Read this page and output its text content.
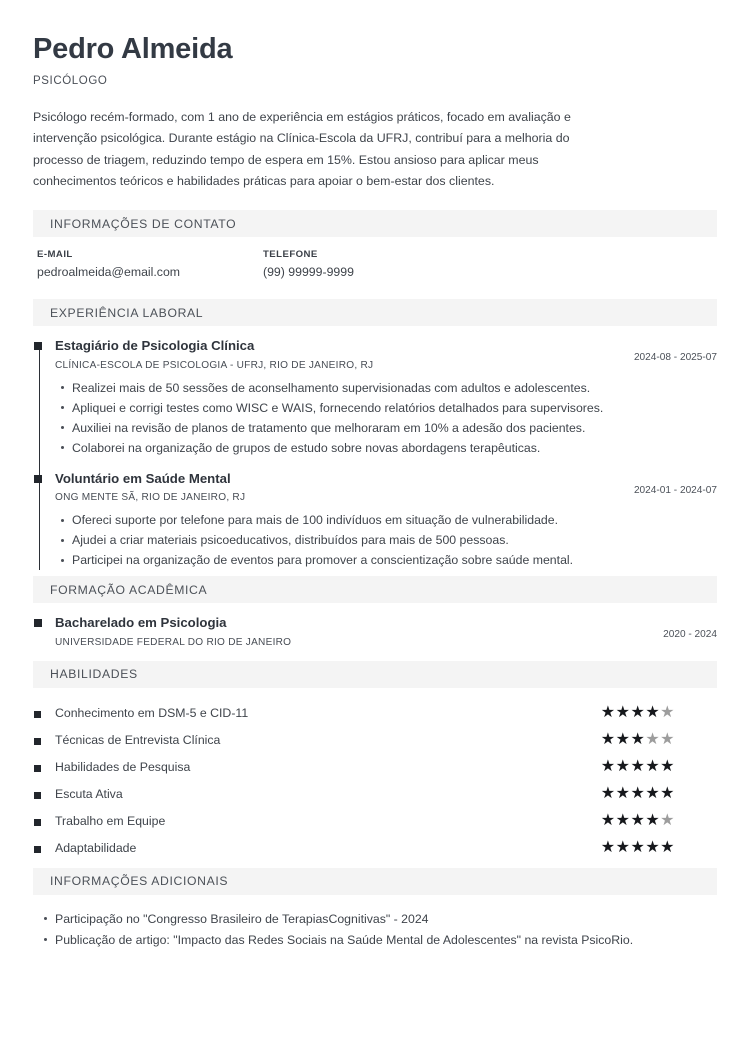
Pedro Almeida
PSICÓLOGO

Psicólogo recém-formado, com 1 ano de experiência em estágios práticos, focado em avaliação e intervenção psicológica. Durante estágio na Clínica-Escola da UFRJ, contribuí para a melhoria do processo de triagem, reduzindo tempo de espera em 15%. Estou ansioso para aplicar meus conhecimentos teóricos e habilidades práticas para apoiar o bem-estar dos clientes.

INFORMAÇÕES DE CONTATO
E-MAIL
pedroalmeida@email.com
TELEFONE
(99) 99999-9999
EXPERIÊNCIA LABORAL
Estagiário de Psicologia Clínica
CLÍNICA-ESCOLA DE PSICOLOGIA - UFRJ, RIO DE JANEIRO, RJ
2024-08 - 2025-07
Realizei mais de 50 sessões de aconselhamento supervisionadas com adultos e adolescentes.
Apliquei e corrigi testes como WISC e WAIS, fornecendo relatórios detalhados para supervisores.
Auxiliei na revisão de planos de tratamento que melhoraram em 10% a adesão dos pacientes.
Colaborei na organização de grupos de estudo sobre novas abordagens terapêuticas.
Voluntário em Saúde Mental
ONG MENTE SÃ, RIO DE JANEIRO, RJ
2024-01 - 2024-07
Ofereci suporte por telefone para mais de 100 indivíduos em situação de vulnerabilidade.
Ajudei a criar materiais psicoeducativos, distribuídos para mais de 500 pessoas.
Participei na organização de eventos para promover a conscientização sobre saúde mental.
FORMAÇÃO ACADÊMICA
Bacharelado em Psicologia
UNIVERSIDADE FEDERAL DO RIO DE JANEIRO
2020 - 2024
HABILIDADES
Conhecimento em DSM-5 e CID-11	★★★★★
Técnicas de Entrevista Clínica	★★★★★
Habilidades de Pesquisa	★★★★★
Escuta Ativa	★★★★★
Trabalho em Equipe	★★★★★
Adaptabilidade	★★★★★
INFORMAÇÕES ADICIONAIS
Participação no "Congresso Brasileiro de TerapiasCognitivas" - 2024
Publicação de artigo: "Impacto das Redes Sociais na Saúde Mental de Adolescentes" na revista PsicoRio.
